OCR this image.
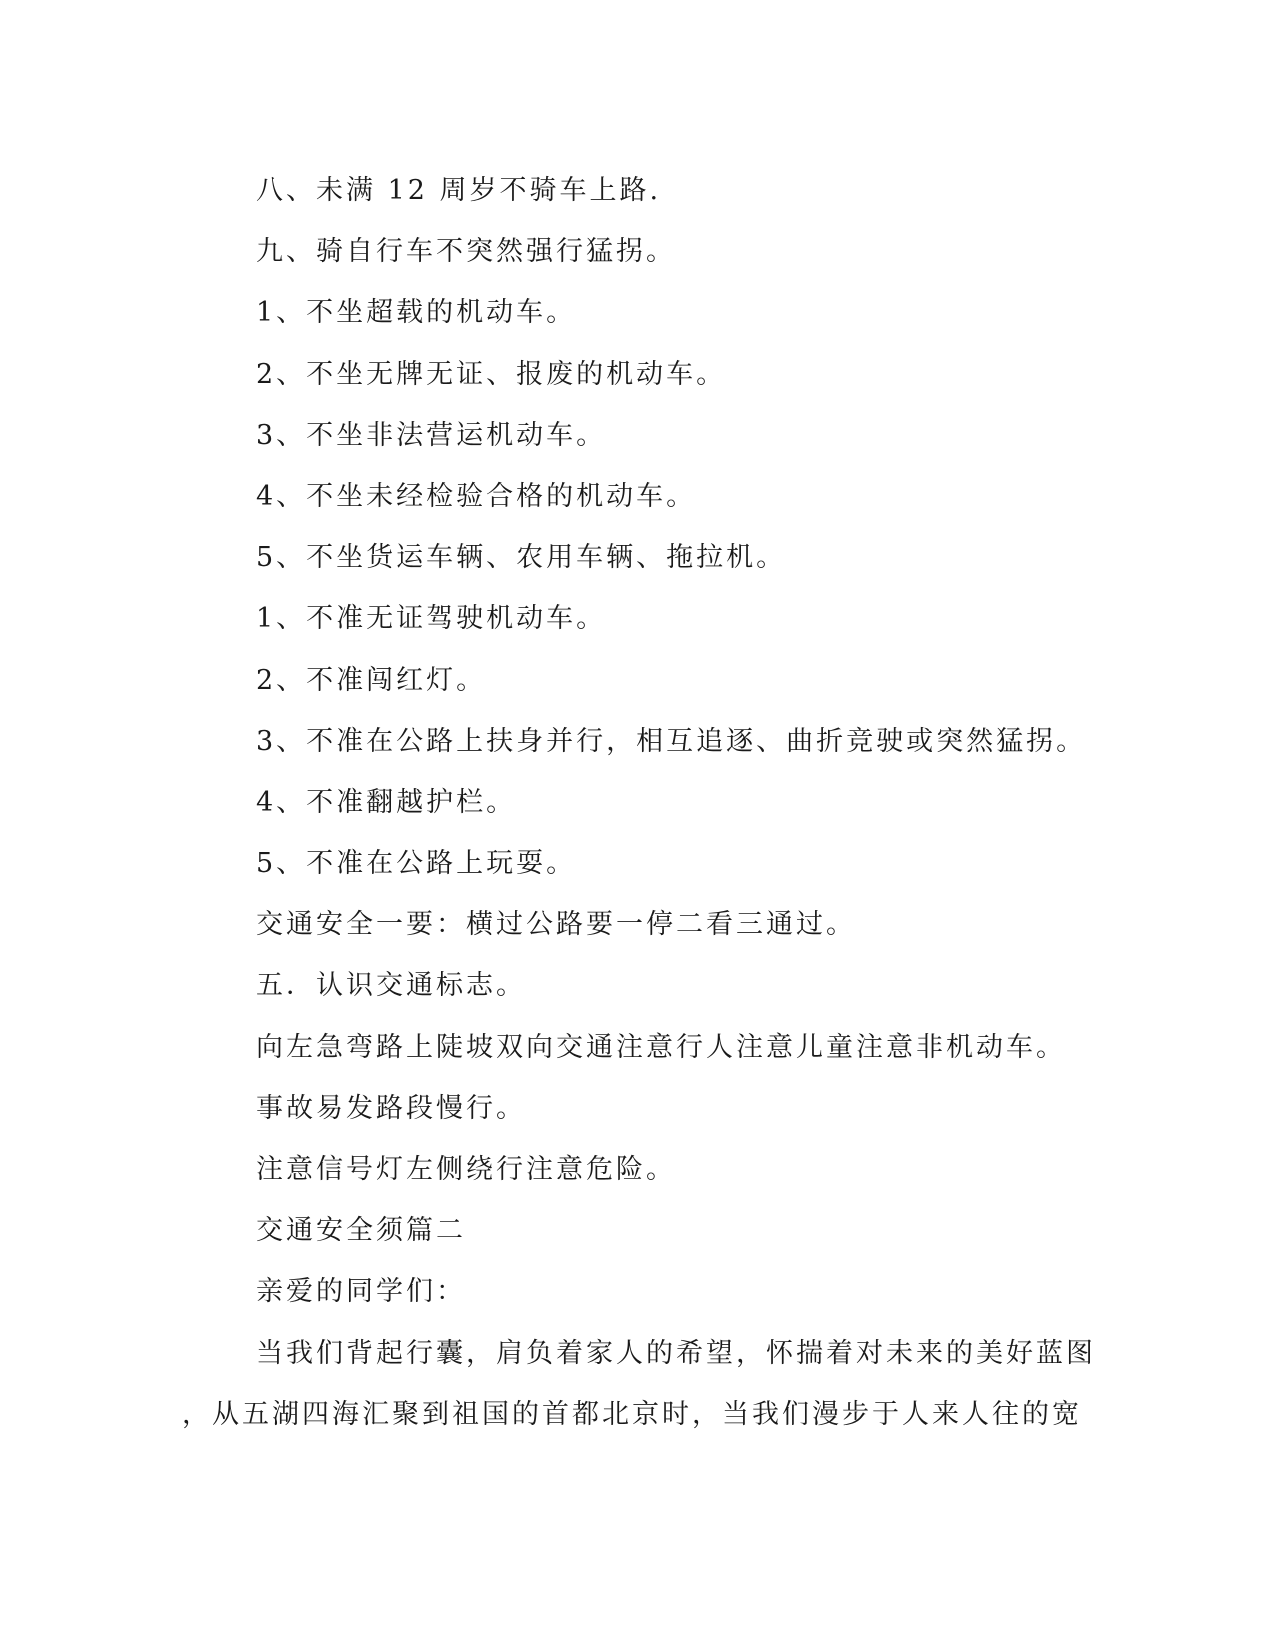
八、未满 12 周岁不骑车上路.
九、骑自行车不突然强行猛拐。
1、不坐超载的机动车。
2、不坐无牌无证、报废的机动车。
3、不坐非法营运机动车。
4、不坐未经检验合格的机动车。
5、不坐货运车辆、农用车辆、拖拉机。
1、不准无证驾驶机动车。
2、不准闯红灯。
3、不准在公路上扶身并行，相互追逐、曲折竞驶或突然猛拐。
4、不准翻越护栏。
5、不准在公路上玩耍。
交通安全一要：横过公路要一停二看三通过。
五．认识交通标志。
向左急弯路上陡坡双向交通注意行人注意儿童注意非机动车。
事故易发路段慢行。
注意信号灯左侧绕行注意危险。
交通安全须篇二
亲爱的同学们：
当我们背起行囊，肩负着家人的希望，怀揣着对未来的美好蓝图
，从五湖四海汇聚到祖国的首都北京时，当我们漫步于人来人往的宽
